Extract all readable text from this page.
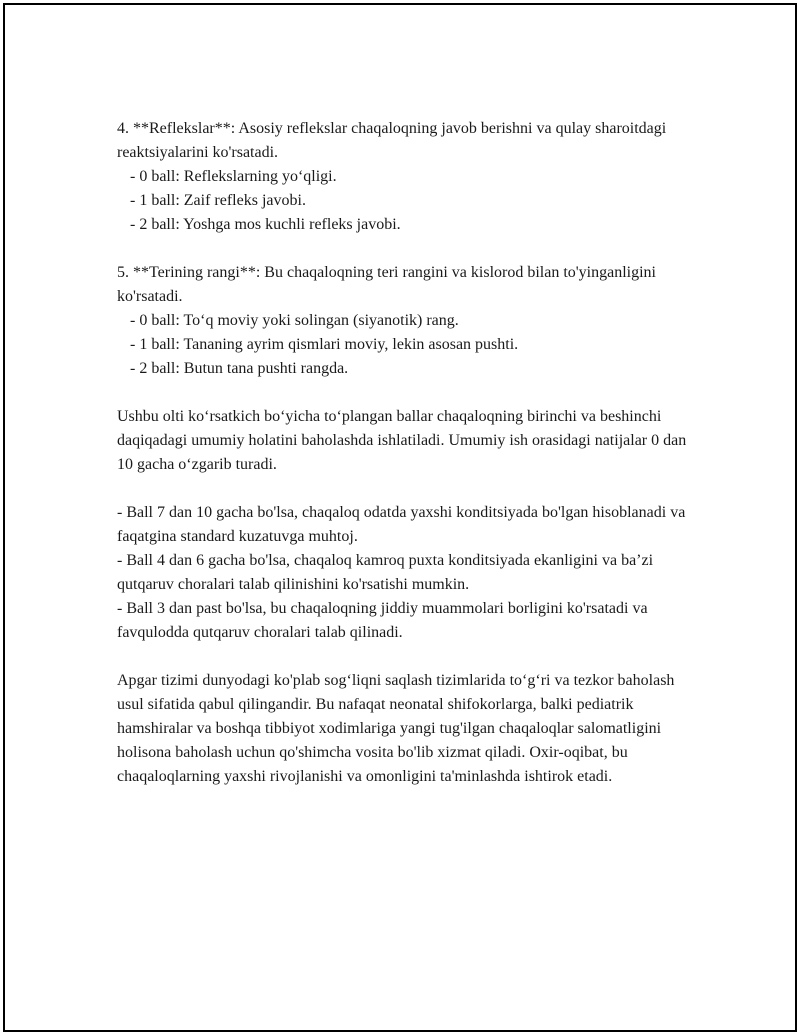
4. **Reflekslar**: Asosiy reflekslar chaqaloqning javob berishni va qulay sharoitdagi reaktsiyalarini ko'rsatadi.

- 0 ball: Reflekslarning yo‘qligi.

- 1 ball: Zaif refleks javobi.

- 2 ball: Yoshga mos kuchli refleks javobi.

5. **Terining rangi**: Bu chaqaloqning teri rangini va kislorod bilan to'yinganligini ko'rsatadi.

- 0 ball: To‘q moviy yoki solingan (siyanotik) rang.

- 1 ball: Tananing ayrim qismlari moviy, lekin asosan pushti.

- 2 ball: Butun tana pushti rangda.

Ushbu olti ko‘rsatkich bo‘yicha to‘plangan ballar chaqaloqning birinchi va beshinchi daqiqadagi umumiy holatini baholashda ishlatiladi. Umumiy ish orasidagi natijalar 0 dan 10 gacha o‘zgarib turadi.

- Ball 7 dan 10 gacha bo'lsa, chaqaloq odatda yaxshi konditsiyada bo'lgan hisoblanadi va faqatgina standard kuzatuvga muhtoj.

- Ball 4 dan 6 gacha bo'lsa, chaqaloq kamroq puxta konditsiyada ekanligini va ba’zi qutqaruv choralari talab qilinishini ko'rsatishi mumkin.

- Ball 3 dan past bo'lsa, bu chaqaloqning jiddiy muammolari borligini ko'rsatadi va favqulodda qutqaruv choralari talab qilinadi.

Apgar tizimi dunyodagi ko'plab sog‘liqni saqlash tizimlarida to‘g‘ri va tezkor baholash usul sifatida qabul qilingandir. Bu nafaqat neonatal shifokorlarga, balki pediatrik hamshiralar va boshqa tibbiyot xodimlariga yangi tug'ilgan chaqaloqlar salomatligini holisona baholash uchun qo'shimcha vosita bo'lib xizmat qiladi. Oxir-oqibat, bu chaqaloqlarning yaxshi rivojlanishi va omonligini ta'minlashda ishtirok etadi.
